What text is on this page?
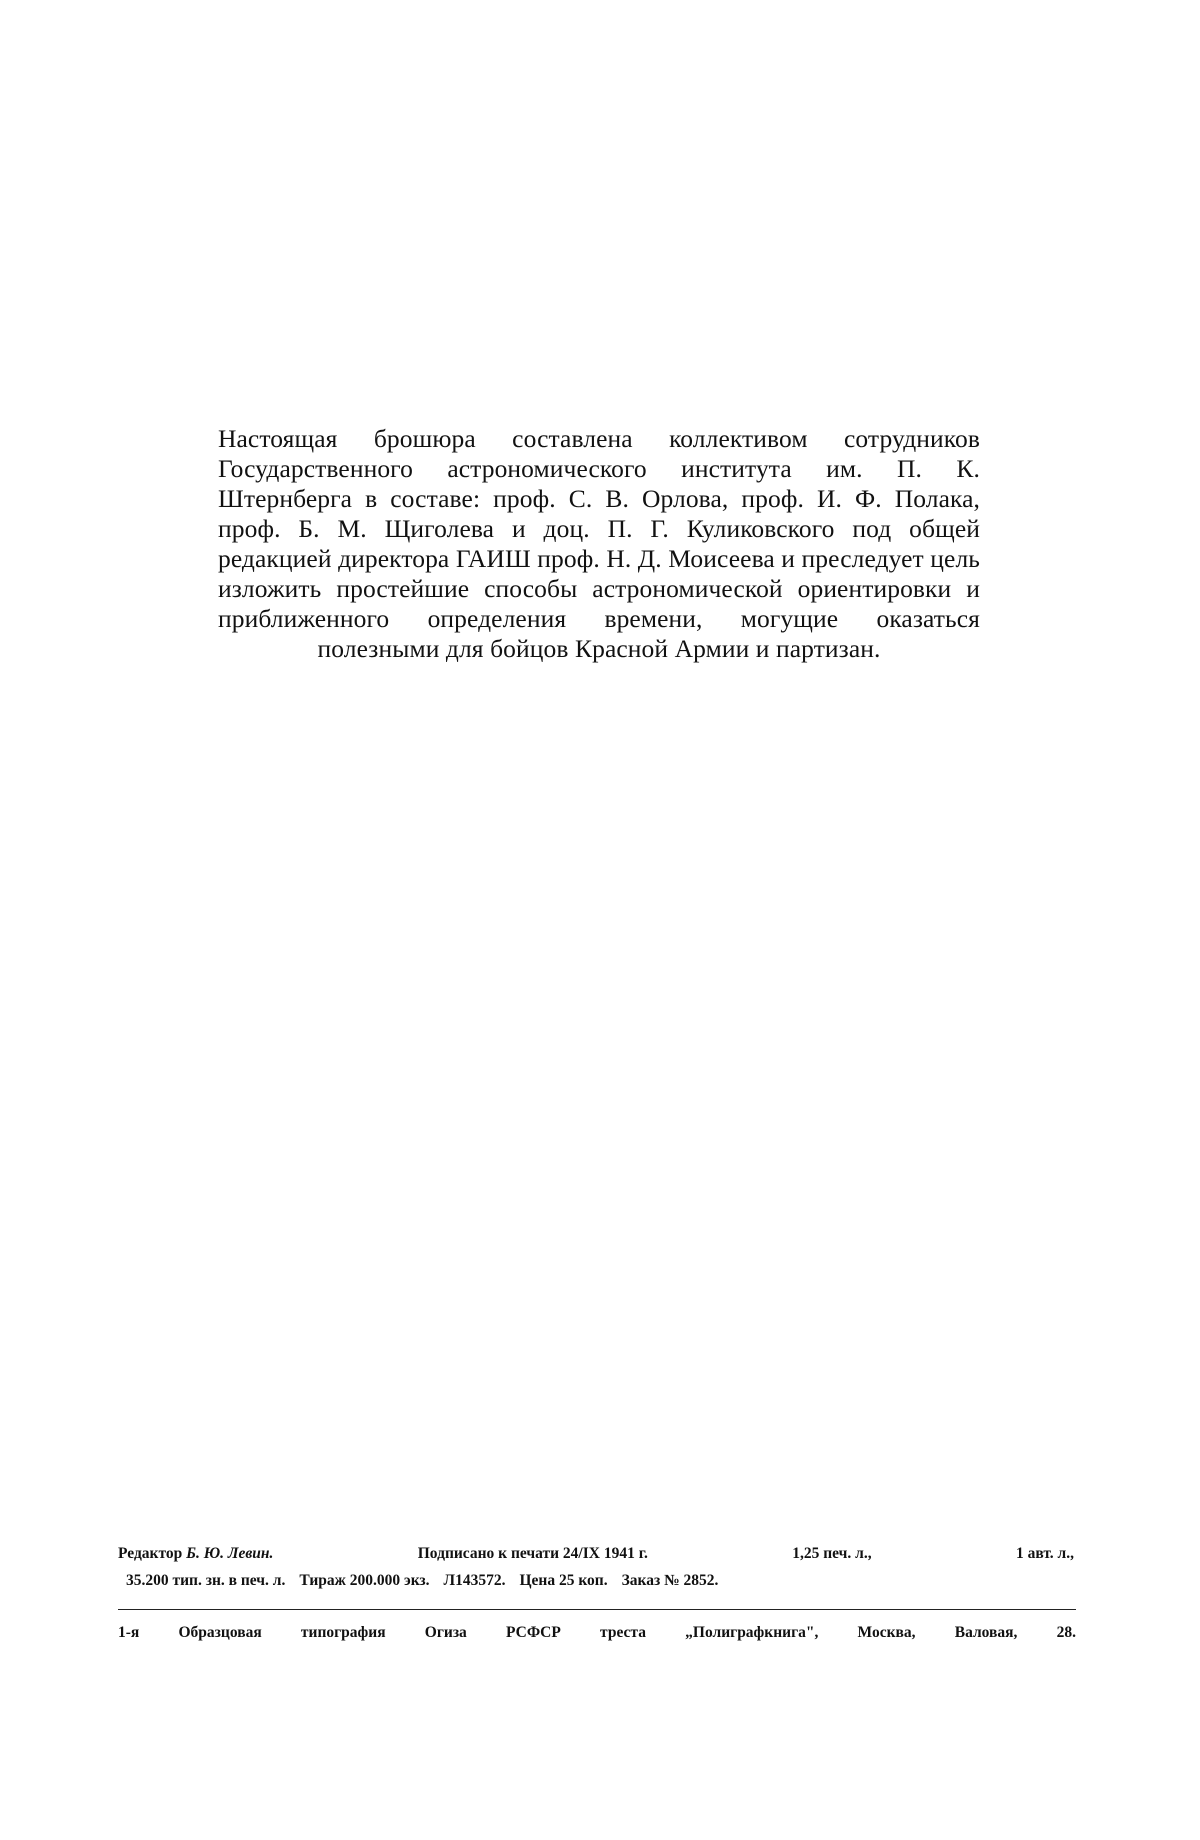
Настоящая брошюра составлена коллективом сотрудников Государственного астрономического института им. П. К. Штернберга в составе: проф. С. В. Орлова, проф. И. Ф. Полака, проф. Б. М. Щиголева и доц. П. Г. Куликовского под общей редакцией директора ГАИШ проф. Н. Д. Моисеева и преследует цель изложить простейшие способы астрономической ориентировки и приближенного определения времени, могущие оказаться полезными для бойцов Красной Армии и партизан.

Редактор Б. Ю. Левин.	Подписано к печати 24/IX 1941 г.	1,25 печ. л.,	1 авт. л.,
35.200 тип. зн. в печ. л. Тираж 200.000 экз. Л143572. Цена 25 коп. Заказ № 2852.
1-я Образцовая типография Огиза РСФСР треста „Полиграфкнига", Москва, Валовая, 28.
